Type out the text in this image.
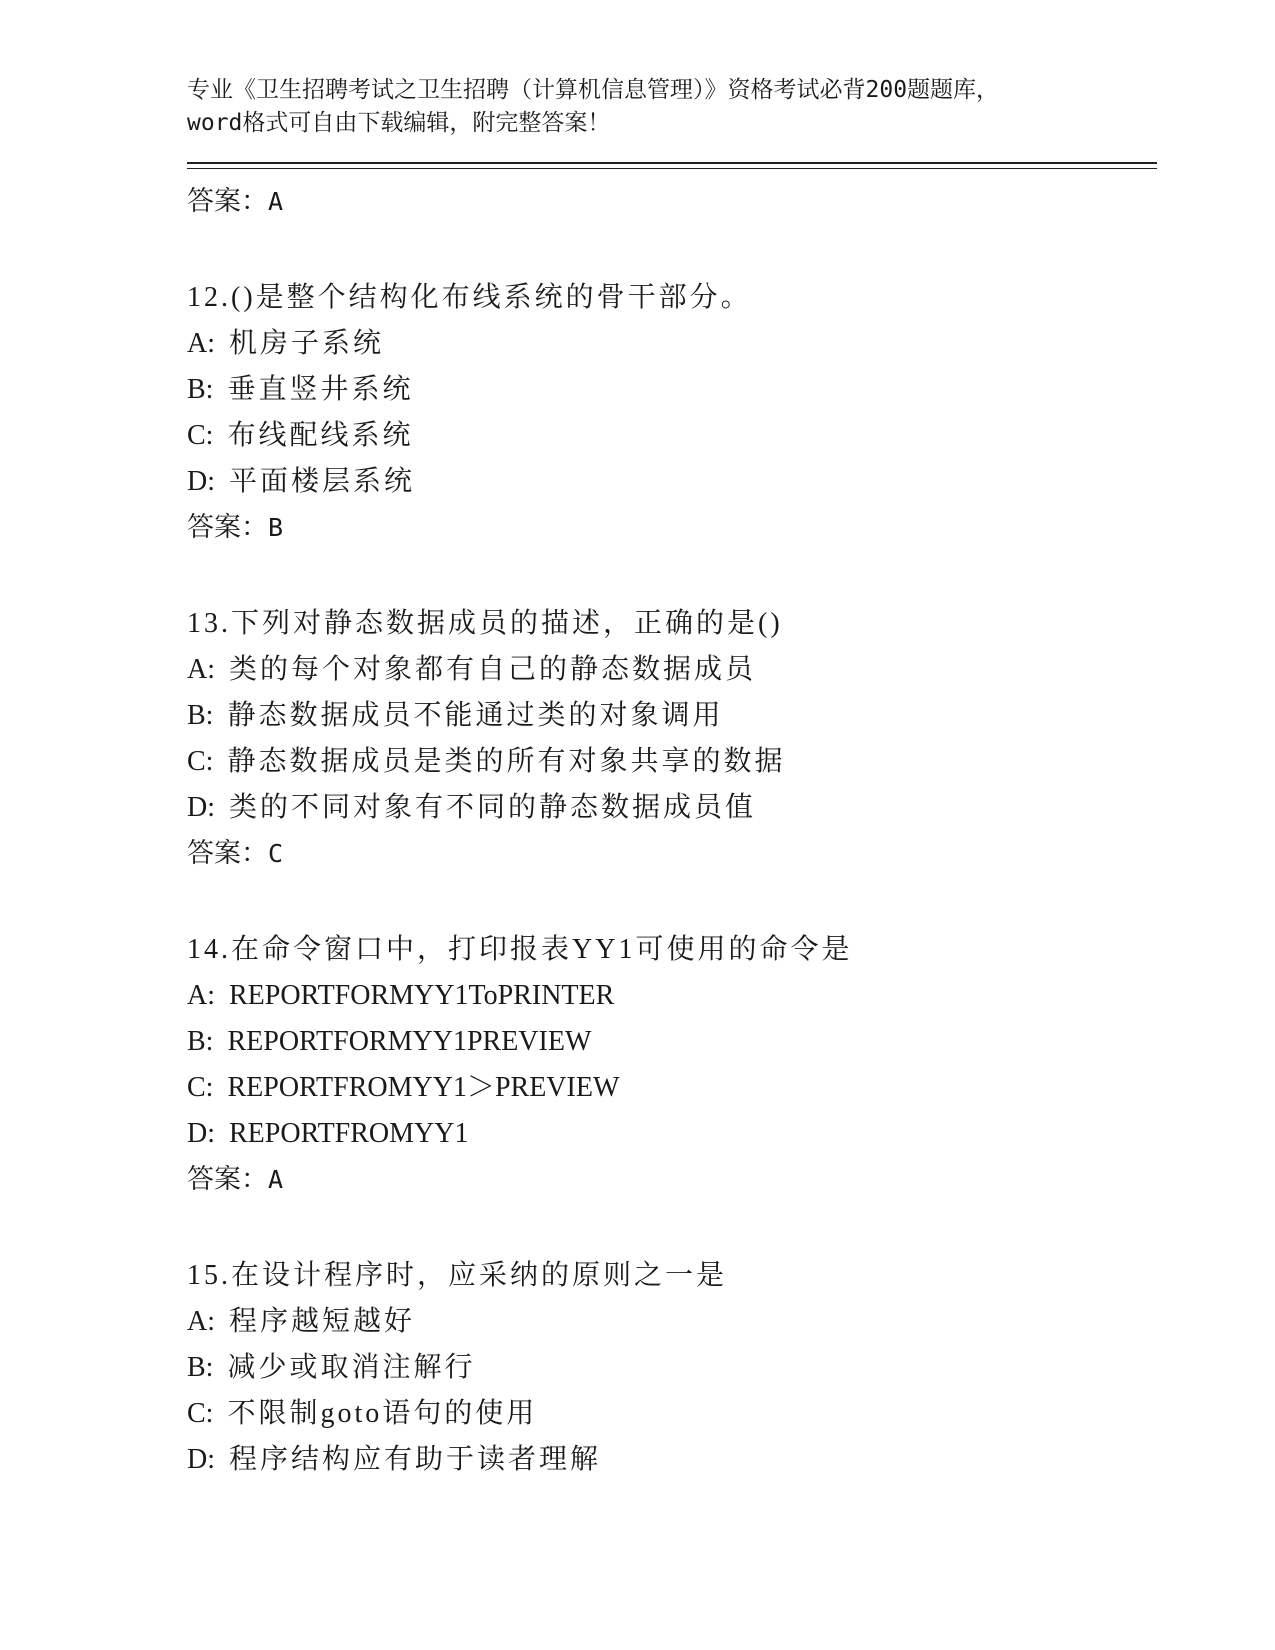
专业《卫生招聘考试之卫生招聘（计算机信息管理）》资格考试必背200题题库，

word格式可自由下载编辑，附完整答案！

答案：A

12.()是整个结构化布线系统的骨干部分。

A: 机房子系统

B: 垂直竖井系统

C: 布线配线系统

D: 平面楼层系统

答案：B

13.下列对静态数据成员的描述，正确的是()

A: 类的每个对象都有自己的静态数据成员

B: 静态数据成员不能通过类的对象调用

C: 静态数据成员是类的所有对象共享的数据

D: 类的不同对象有不同的静态数据成员值

答案：C

14.在命令窗口中，打印报表YY1可使用的命令是

A: REPORTFORMYY1ToPRINTER

B: REPORTFORMYY1PREVIEW

C: REPORTFROMYY1＞PREVIEW

D: REPORTFROMYY1

答案：A

15.在设计程序时，应采纳的原则之一是

A: 程序越短越好

B: 减少或取消注解行

C: 不限制goto语句的使用

D: 程序结构应有助于读者理解
